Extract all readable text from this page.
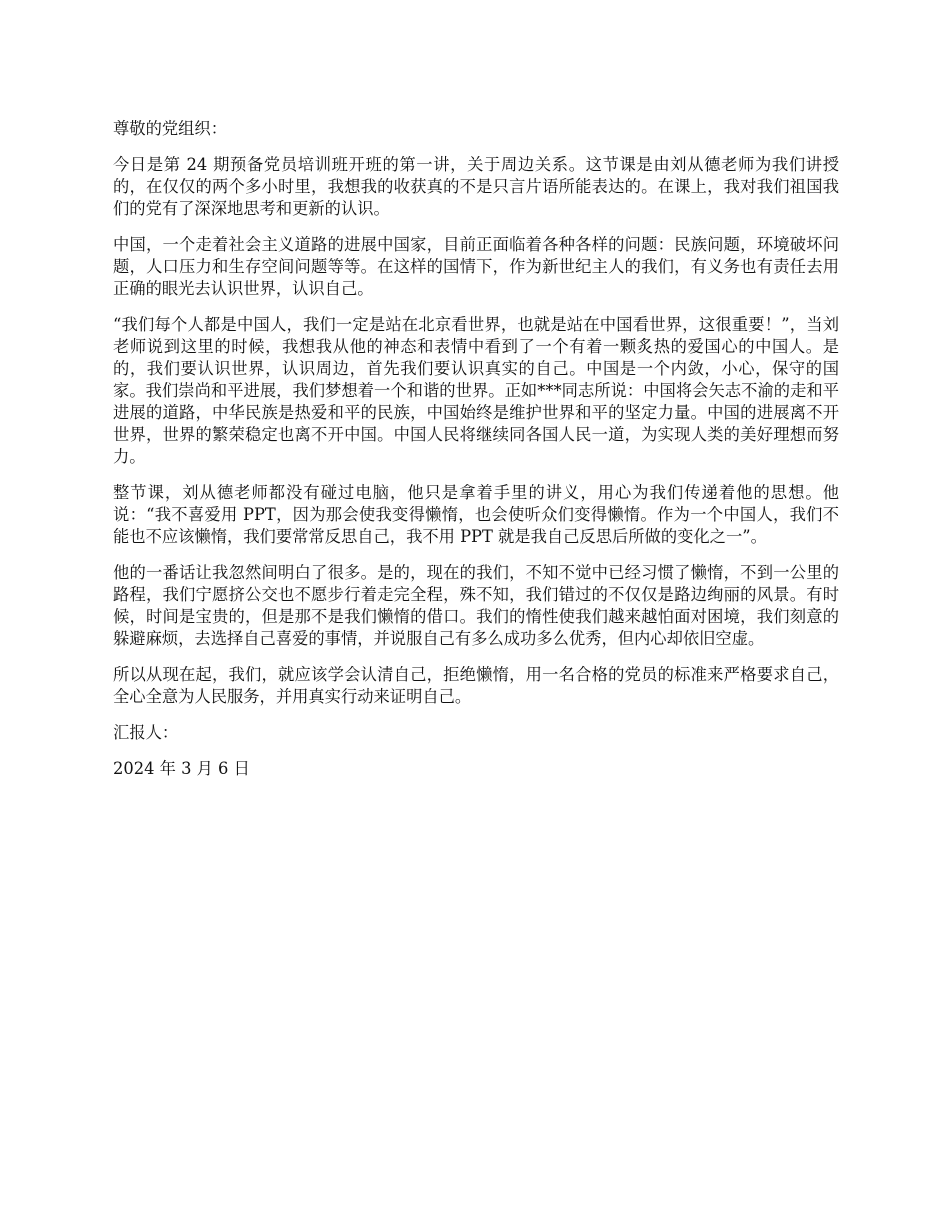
尊敬的党组织：

今日是第 24 期预备党员培训班开班的第一讲，关于周边关系。这节课是由刘从德老师为我们讲授的，在仅仅的两个多小时里，我想我的收获真的不是只言片语所能表达的。在课上，我对我们祖国我们的党有了深深地思考和更新的认识。

中国，一个走着社会主义道路的进展中国家，目前正面临着各种各样的问题：民族问题，环境破坏问题，人口压力和生存空间问题等等。在这样的国情下，作为新世纪主人的我们，有义务也有责任去用正确的眼光去认识世界，认识自己。

“我们每个人都是中国人，我们一定是站在北京看世界，也就是站在中国看世界，这很重要！”，当刘老师说到这里的时候，我想我从他的神态和表情中看到了一个有着一颗炙热的爱国心的中国人。是的，我们要认识世界，认识周边，首先我们要认识真实的自己。中国是一个内敛，小心，保守的国家。我们崇尚和平进展，我们梦想着一个和谐的世界。正如***同志所说：中国将会矢志不渝的走和平进展的道路，中华民族是热爱和平的民族，中国始终是维护世界和平的坚定力量。中国的进展离不开世界，世界的繁荣稳定也离不开中国。中国人民将继续同各国人民一道，为实现人类的美好理想而努力。

整节课，刘从德老师都没有碰过电脑，他只是拿着手里的讲义，用心为我们传递着他的思想。他说：“我不喜爱用 PPT，因为那会使我变得懒惰，也会使听众们变得懒惰。作为一个中国人，我们不能也不应该懒惰，我们要常常反思自己，我不用 PPT 就是我自己反思后所做的变化之一”。

他的一番话让我忽然间明白了很多。是的，现在的我们，不知不觉中已经习惯了懒惰，不到一公里的路程，我们宁愿挤公交也不愿步行着走完全程，殊不知，我们错过的不仅仅是路边绚丽的风景。有时候，时间是宝贵的，但是那不是我们懒惰的借口。我们的惰性使我们越来越怕面对困境，我们刻意的躲避麻烦，去选择自己喜爱的事情，并说服自己有多么成功多么优秀，但内心却依旧空虚。

所以从现在起，我们，就应该学会认清自己，拒绝懒惰，用一名合格的党员的标准来严格要求自己，全心全意为人民服务，并用真实行动来证明自己。

汇报人：

2024 年 3 月 6 日
